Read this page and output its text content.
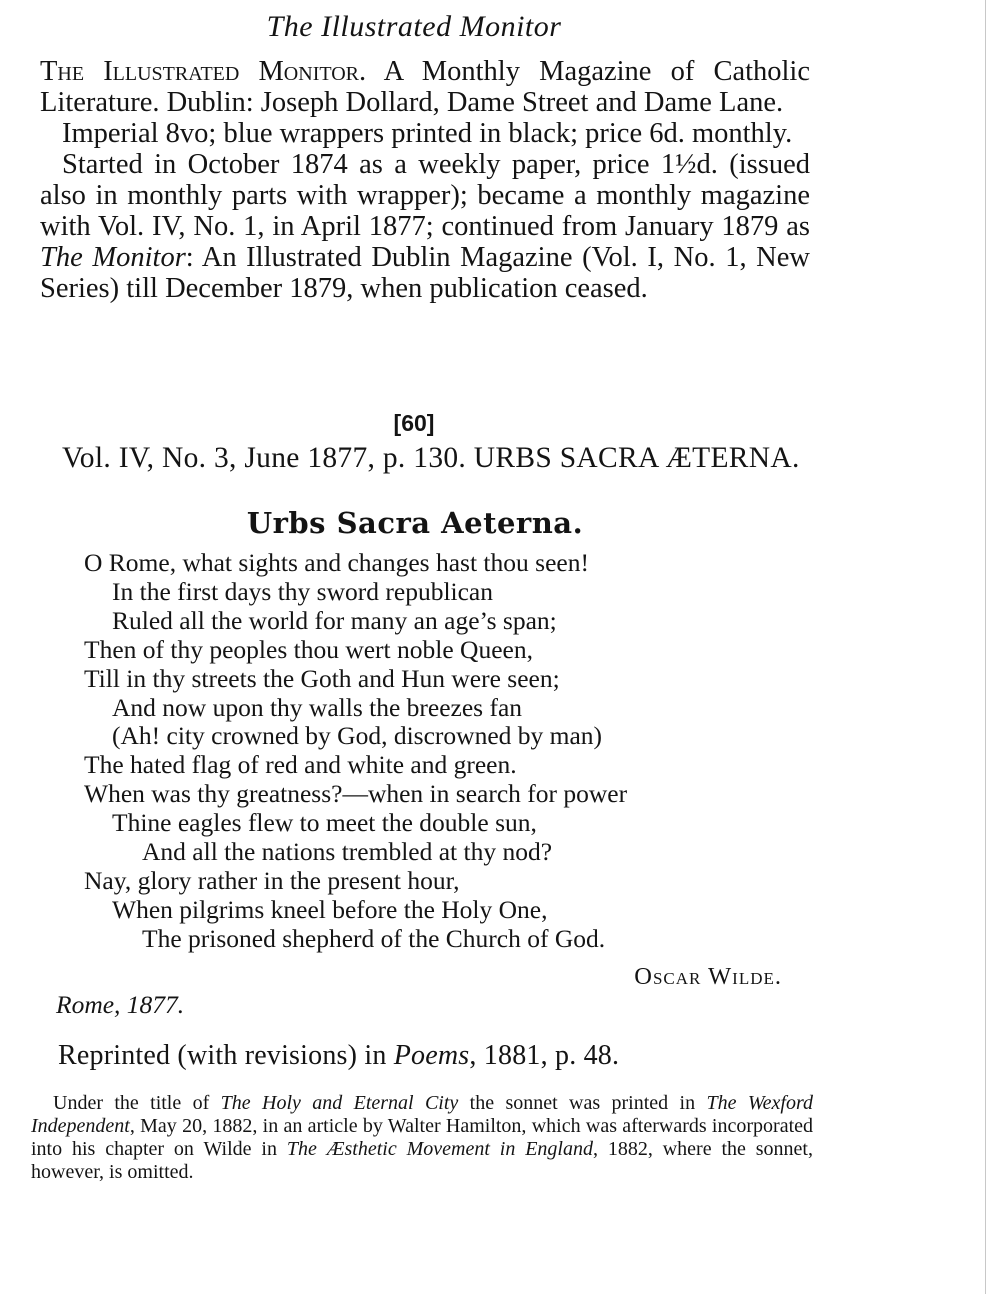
The Illustrated Monitor

The Illustrated Monitor. A Monthly Magazine of Catholic Literature. Dublin: Joseph Dollard, Dame Street and Dame Lane.

Imperial 8vo; blue wrappers printed in black; price 6d. monthly.

Started in October 1874 as a weekly paper, price 1½d. (issued also in monthly parts with wrapper); became a monthly magazine with Vol. IV, No. 1, in April 1877; continued from January 1879 as The Monitor: An Illustrated Dublin Magazine (Vol. I, No. 1, New Series) till December 1879, when publication ceased.

[60]
Vol. IV, No. 3, June 1877, p. 130. URBS SACRA ÆTERNA.
Urbs Sacra Aeterna.
O Rome, what sights and changes hast thou seen!
In the first days thy sword republican
Ruled all the world for many an age’s span;
Then of thy peoples thou wert noble Queen,
Till in thy streets the Goth and Hun were seen;
And now upon thy walls the breezes fan
(Ah! city crowned by God, discrowned by man)
The hated flag of red and white and green.
When was thy greatness?—when in search for power
Thine eagles flew to meet the double sun,
And all the nations trembled at thy nod?
Nay, glory rather in the present hour,
When pilgrims kneel before the Holy One,
The prisoned shepherd of the Church of God.
Oscar Wilde.
Rome, 1877.
Reprinted (with revisions) in Poems, 1881, p. 48.
Under the title of The Holy and Eternal City the sonnet was printed in The Wexford Independent, May 20, 1882, in an article by Walter Hamilton, which was afterwards incorporated into his chapter on Wilde in The Æsthetic Movement in England, 1882, where the sonnet, however, is omitted.
